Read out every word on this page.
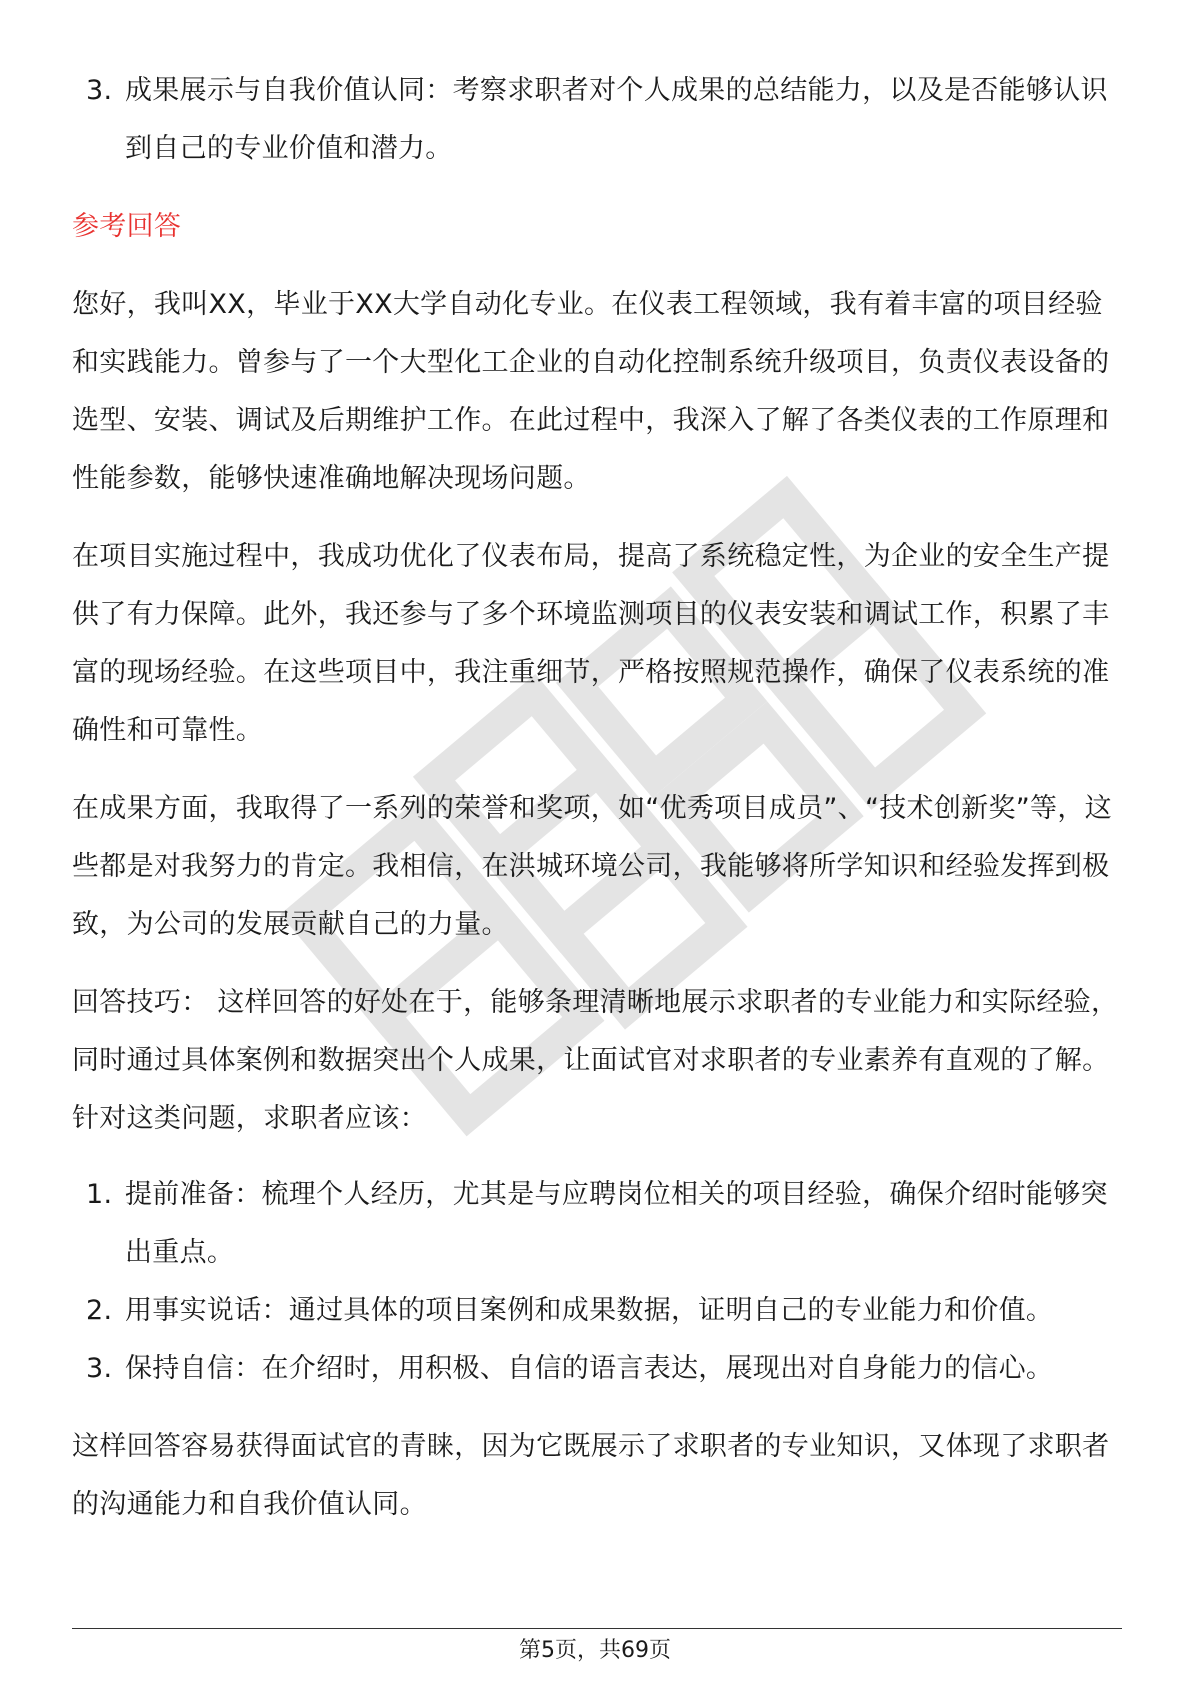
3. 成果展示与自我价值认同：考察求职者对个人成果的总结能力，以及是否能够认识到自己的专业价值和潜力。
参考回答
您好，我叫XX，毕业于XX大学自动化专业。在仪表工程领域，我有着丰富的项目经验和实践能力。曾参与了一个大型化工企业的自动化控制系统升级项目，负责仪表设备的选型、安装、调试及后期维护工作。在此过程中，我深入了解了各类仪表的工作原理和性能参数，能够快速准确地解决现场问题。
在项目实施过程中，我成功优化了仪表布局，提高了系统稳定性，为企业的安全生产提供了有力保障。此外，我还参与了多个环境监测项目的仪表安装和调试工作，积累了丰富的现场经验。在这些项目中，我注重细节，严格按照规范操作，确保了仪表系统的准确性和可靠性。
在成果方面，我取得了一系列的荣誉和奖项，如“优秀项目成员”、“技术创新奖”等，这些都是对我努力的肯定。我相信，在洪城环境公司，我能够将所学知识和经验发挥到极致，为公司的发展贡献自己的力量。
回答技巧： 这样回答的好处在于，能够条理清晰地展示求职者的专业能力和实际经验，同时通过具体案例和数据突出个人成果，让面试官对求职者的专业素养有直观的了解。针对这类问题，求职者应该：
1. 提前准备：梳理个人经历，尤其是与应聘岗位相关的项目经验，确保介绍时能够突出重点。
2. 用事实说话：通过具体的项目案例和成果数据，证明自己的专业能力和价值。
3. 保持自信：在介绍时，用积极、自信的语言表达，展现出对自身能力的信心。
这样回答容易获得面试官的青睐，因为它既展示了求职者的专业知识，又体现了求职者的沟通能力和自我价值认同。
第5页，共69页
